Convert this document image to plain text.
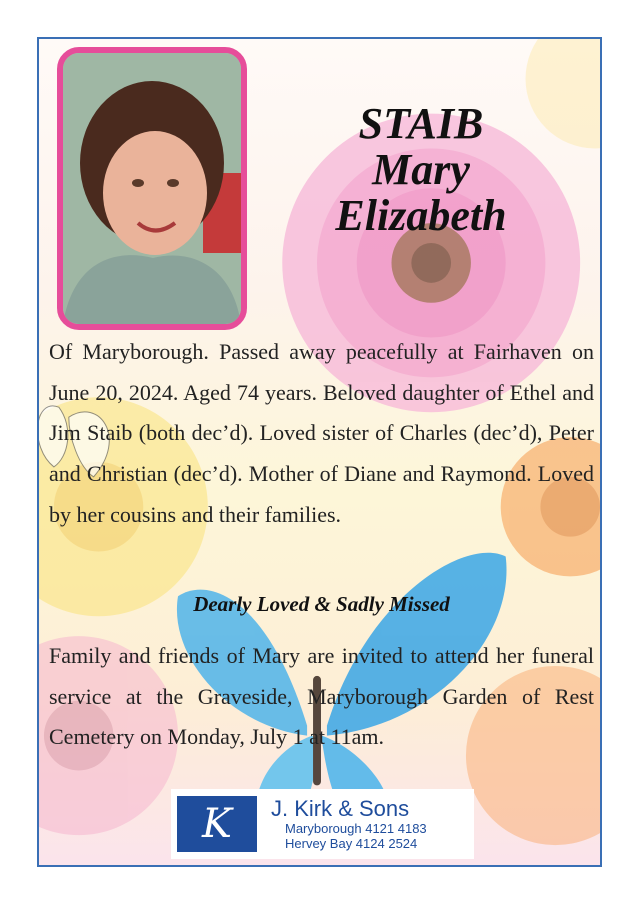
STAIB
Mary
Elizabeth
Of Maryborough. Passed away peacefully at Fairhaven on June 20, 2024. Aged 74 years. Beloved daughter of Ethel and Jim Staib (both dec’d). Loved sister of Charles (dec’d), Peter and Christian (dec’d). Mother of Diane and Raymond. Loved by her cousins and their families.
Dearly Loved & Sadly Missed
Family and friends of Mary are invited to attend her funeral service at the Graveside, Maryborough Garden of Rest Cemetery on Monday, July 1 at 11am.
K	J. Kirk & Sons
Maryborough 4121 4183
Hervey Bay 4124 2524
